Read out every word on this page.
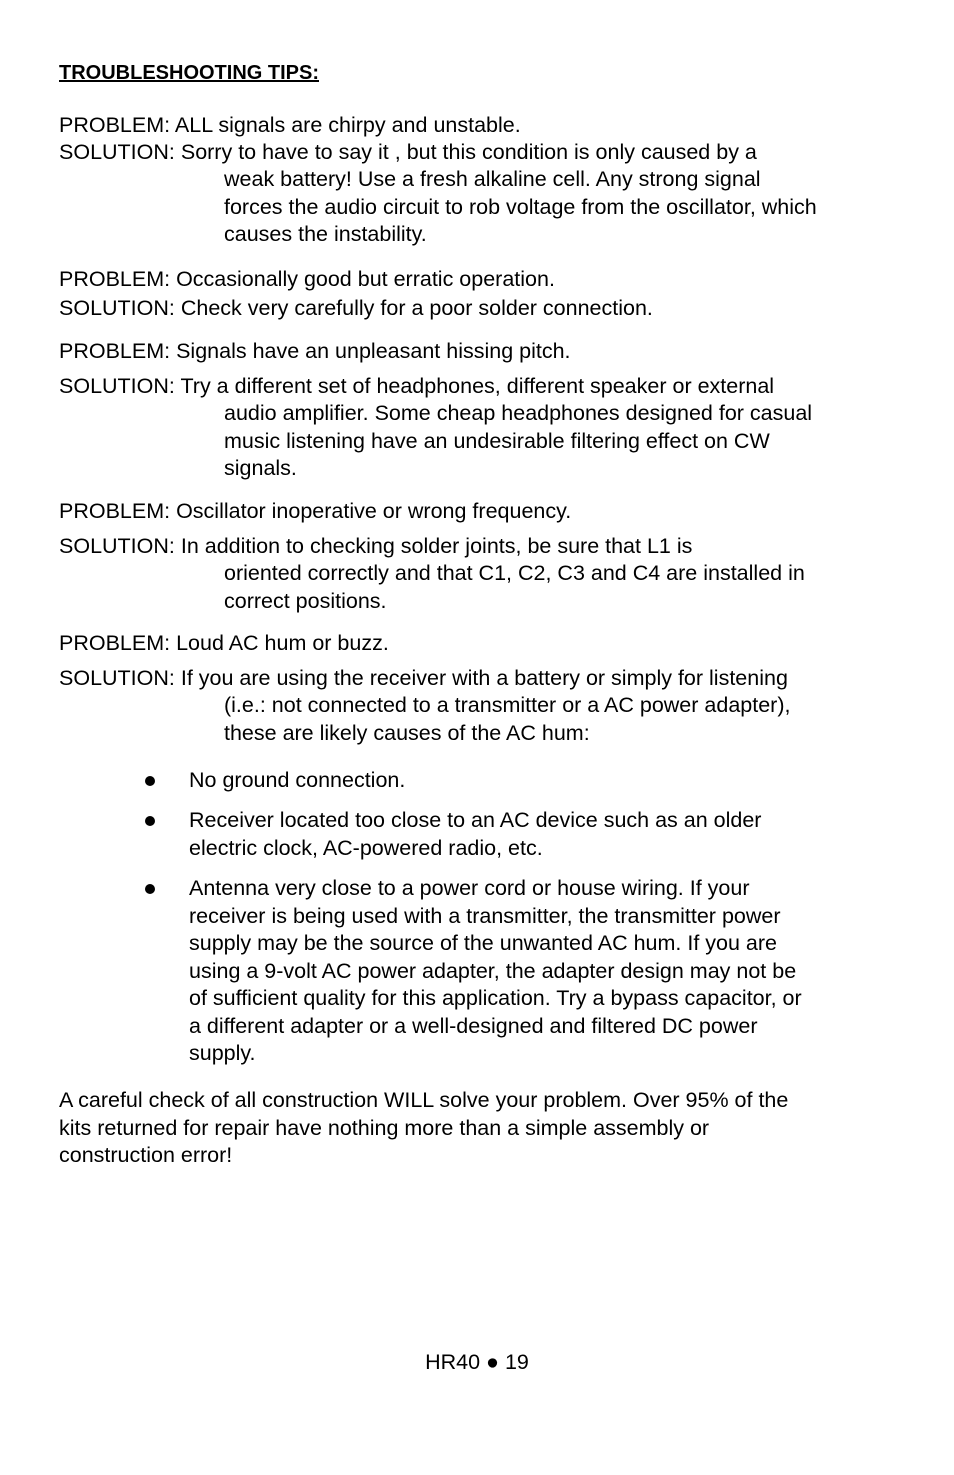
TROUBLESHOOTING TIPS:
PROBLEM: ALL signals are chirpy and unstable.
SOLUTION: Sorry to have to say it , but this condition is only caused by a
weak battery! Use a fresh alkaline cell. Any strong signal
forces the audio circuit to rob voltage from the oscillator, which
causes the instability.
PROBLEM: Occasionally good but erratic operation.
SOLUTION: Check very carefully for a poor solder connection.
PROBLEM: Signals have an unpleasant hissing pitch.
SOLUTION: Try a different set of headphones, different speaker or external
audio amplifier. Some cheap headphones designed for casual
music listening have an undesirable filtering effect on CW
signals.
PROBLEM: Oscillator inoperative or wrong frequency.
SOLUTION: In addition to checking solder joints, be sure that L1 is
oriented correctly and that C1, C2, C3 and C4 are installed in
correct positions.
PROBLEM: Loud AC hum or buzz.
SOLUTION: If you are using the receiver with a battery or simply for listening
(i.e.: not connected to a transmitter or a AC power adapter),
these are likely causes of the AC hum:
No ground connection.
Receiver located too close to an AC device such as an older
electric clock, AC-powered radio, etc.
Antenna very close to a power cord or house wiring. If your
receiver is being used with a transmitter, the transmitter power
supply may be the source of the unwanted AC hum. If you are
using a 9-volt AC power adapter, the adapter design may not be
of sufficient quality for this application. Try a bypass capacitor, or
a different adapter or a well-designed and filtered DC power
supply.
A careful check of all construction WILL solve your problem. Over 95% of the
kits returned for repair have nothing more than a simple assembly or
construction error!
HR40 ● 19
